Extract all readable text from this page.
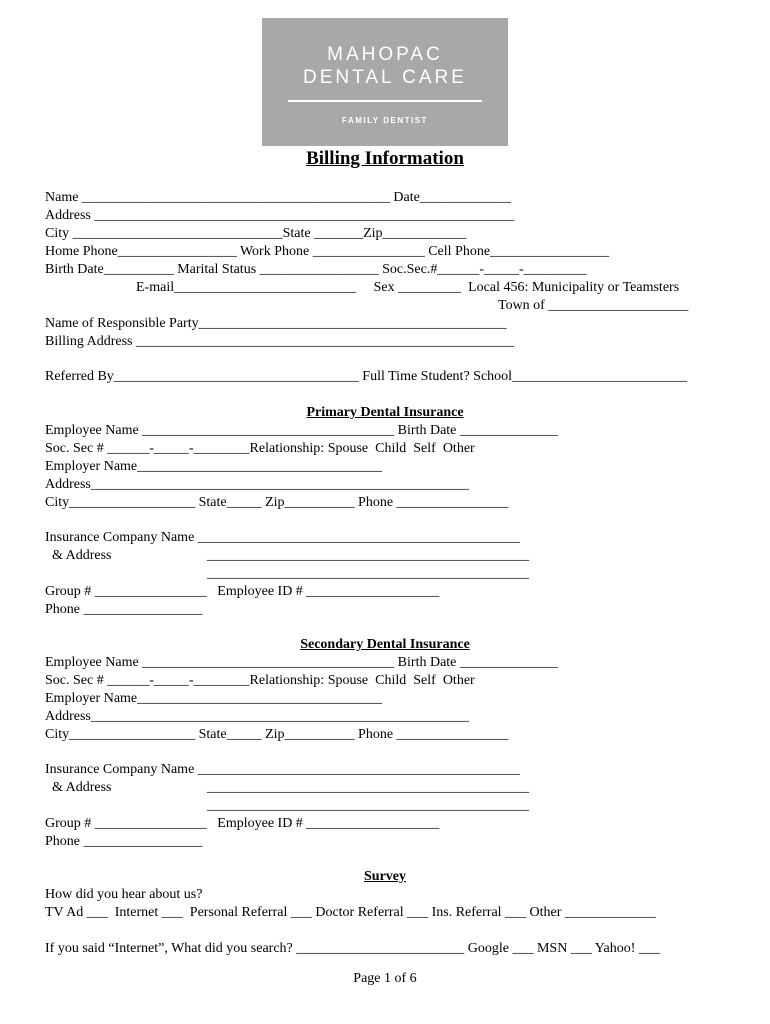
MAHOPAC
DENTAL CARE
FAMILY DENTIST
Billing Information
Name ____________________________________________ Date_____________
Address ____________________________________________________________
City ______________________________State _______Zip____________
Home Phone_________________ Work Phone ________________ Cell Phone_________________
Birth Date__________ Marital Status _________________ Soc.Sec.#______-_____-_________
E-mail__________________________     Sex _________  Local 456: Municipality or Teamsters
Town of ____________________
Name of Responsible Party____________________________________________
Billing Address ______________________________________________________
Referred By___________________________________ Full Time Student? School_________________________
Primary Dental Insurance
Employee Name ____________________________________ Birth Date ______________
Soc. Sec # ______-_____-________Relationship: Spouse  Child  Self  Other
Employer Name___________________________________
Address______________________________________________________
City__________________ State_____ Zip__________ Phone ________________
Insurance Company Name ______________________________________________
& Address	______________________________________________
______________________________________________
Group # ________________   Employee ID # ___________________
Phone _________________
Secondary Dental Insurance
Employee Name ____________________________________ Birth Date ______________
Soc. Sec # ______-_____-________Relationship: Spouse  Child  Self  Other
Employer Name___________________________________
Address______________________________________________________
City__________________ State_____ Zip__________ Phone ________________
Insurance Company Name ______________________________________________
& Address	______________________________________________
______________________________________________
Group # ________________   Employee ID # ___________________
Phone _________________
Survey
How did you hear about us?
TV Ad ___  Internet ___  Personal Referral ___ Doctor Referral ___ Ins. Referral ___ Other _____________
If you said “Internet”, What did you search? ________________________ Google ___ MSN ___ Yahoo! ___
Page 1 of 6
